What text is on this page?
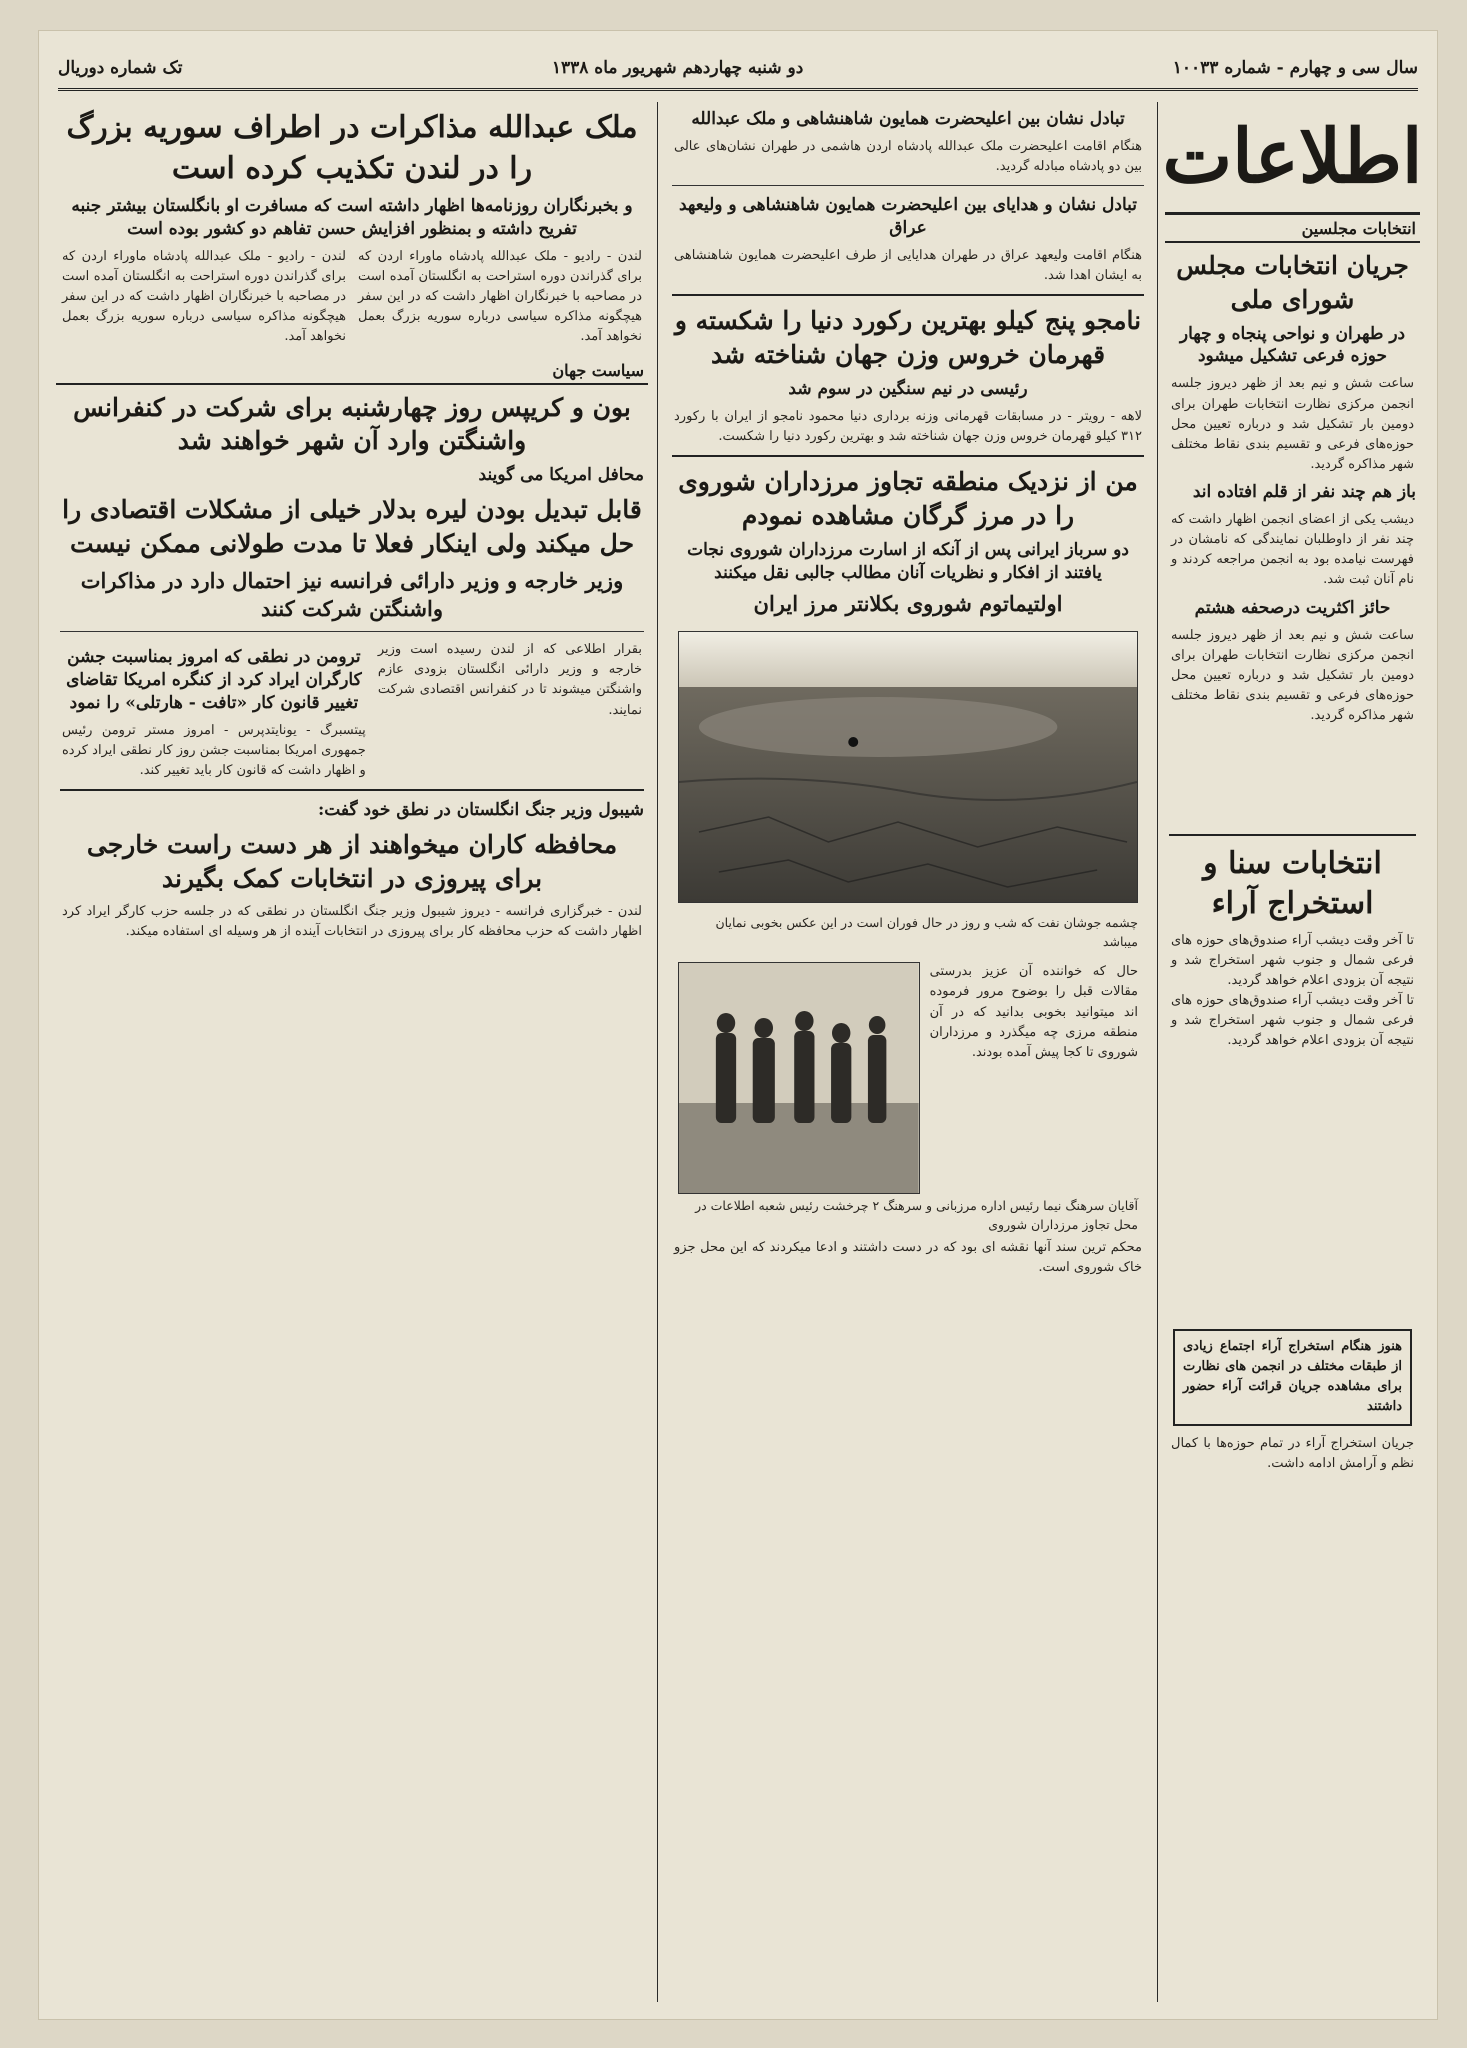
سال سی و چهارم - شماره ۱۰۰۳۳
دو شنبه چهاردهم شهریور ماه ۱۳۳۸
تک شماره دوریال
اطلاعات
انتخابات مجلسین
جریان انتخابات مجلس شورای ملی
در طهران و نواحی پنجاه و چهار حوزه فرعی تشکیل میشود
ساعت شش و نیم بعد از ظهر دیروز جلسه انجمن مرکزی نظارت انتخابات طهران برای دومین بار تشکیل شد و درباره تعیین محل حوزه‌های فرعی و تقسیم بندی نقاط مختلف شهر مذاکره گردید.
باز هم چند نفر از قلم افتاده اند
دیشب یکی از اعضای انجمن اظهار داشت که چند نفر از داوطلبان نمایندگی که نامشان در فهرست نیامده بود به انجمن مراجعه کردند و نام آنان ثبت شد.
حائز اکثریت درصحفه هشتم
ساعت شش و نیم بعد از ظهر دیروز جلسه انجمن مرکزی نظارت انتخابات طهران برای دومین بار تشکیل شد و درباره تعیین محل حوزه‌های فرعی و تقسیم بندی نقاط مختلف شهر مذاکره گردید.
انتخابات سنا و استخراج آراء
تا آخر وقت دیشب آراء صندوق‌های حوزه های فرعی شمال و جنوب شهر استخراج شد و نتیجه آن بزودی اعلام خواهد گردید.
تا آخر وقت دیشب آراء صندوق‌های حوزه های فرعی شمال و جنوب شهر استخراج شد و نتیجه آن بزودی اعلام خواهد گردید.
هنوز هنگام استخراج آراء اجتماع زیادی از طبقات مختلف در انجمن های نظارت برای مشاهده جریان قرائت آراء حضور داشتند
جریان استخراج آراء در تمام حوزه‌ها با کمال نظم و آرامش ادامه داشت.
تبادل نشان بین اعلیحضرت همایون شاهنشاهی و ملک عبدالله
هنگام اقامت اعلیحضرت ملک عبدالله پادشاه اردن هاشمی در طهران نشان‌های عالی بین دو پادشاه مبادله گردید.
تبادل نشان و هدایای بین اعلیحضرت همایون شاهنشاهی و ولیعهد عراق
هنگام اقامت ولیعهد عراق در طهران هدایایی از طرف اعلیحضرت همایون شاهنشاهی به ایشان اهدا شد.
نامجو پنج کیلو بهترین رکورد دنیا را شکسته و قهرمان خروس وزن جهان شناخته شد
رئیسی در نیم سنگین در سوم شد
لاهه - رویتر - در مسابقات قهرمانی وزنه برداری دنیا محمود نامجو از ایران با رکورد ۳۱۲ کیلو قهرمان خروس وزن جهان شناخته شد و بهترین رکورد دنیا را شکست.
من از نزدیک منطقه تجاوز مرزداران شوروی را در مرز گرگان مشاهده نمودم
دو سرباز ایرانی پس از آنکه از اسارت مرزداران شوروی نجات یافتند از افکار و نظریات آنان مطالب جالبی نقل میکنند
اولتیماتوم شوروی بکلانتر مرز ایران
چشمه جوشان نفت که شب و روز در حال فوران است در این عکس بخوبی نمایان میباشد
حال که خواننده آن عزیز بدرستی مقالات قبل را بوضوح مرور فرموده اند میتوانید بخوبی بدانید که در آن منطقه مرزی چه میگذرد و مرزداران شوروی تا کجا پیش آمده بودند.
آقایان سرهنگ نیما رئیس اداره مرزبانی و سرهنگ ۲ چرخشت رئیس شعبه اطلاعات در محل تجاوز مرزداران شوروی
محکم ترین سند آنها نقشه ای بود که در دست داشتند و ادعا میکردند که این محل جزو خاک شوروی است.
ملک عبدالله مذاکرات در اطراف سوریه بزرگ را در لندن تکذیب کرده است
و بخبرنگاران روزنامه‌ها اظهار داشته است که مسافرت او بانگلستان بیشتر جنبه تفریح داشته و بمنظور افزایش حسن تفاهم دو کشور بوده است
لندن - رادیو - ملک عبدالله پادشاه ماوراء اردن که برای گذراندن دوره استراحت به انگلستان آمده است در مصاحبه با خبرنگاران اظهار داشت که در این سفر هیچگونه مذاکره سیاسی درباره سوریه بزرگ بعمل نخواهد آمد.
لندن - رادیو - ملک عبدالله پادشاه ماوراء اردن که برای گذراندن دوره استراحت به انگلستان آمده است در مصاحبه با خبرنگاران اظهار داشت که در این سفر هیچگونه مذاکره سیاسی درباره سوریه بزرگ بعمل نخواهد آمد.
سیاست جهان
بون و کریپس روز چهارشنبه برای شرکت در کنفرانس واشنگتن وارد آن شهر خواهند شد
محافل امریکا می گویند
قابل تبدیل بودن لیره بدلار خیلی از مشکلات اقتصادی را حل میکند ولی اینکار فعلا تا مدت طولانی ممکن نیست
وزیر خارجه و وزیر دارائی فرانسه نیز احتمال دارد در مذاکرات واشنگتن شرکت کنند
بقرار اطلاعی که از لندن رسیده است وزیر خارجه و وزیر دارائی انگلستان بزودی عازم واشنگتن میشوند تا در کنفرانس اقتصادی شرکت نمایند.
ترومن در نطقی که امروز بمناسبت جشن کارگران ایراد کرد از کنگره امریکا تقاضای تغییر قانون کار «تافت - هارتلی» را نمود
پیتسبرگ - یونایتدپرس - امروز مستر ترومن رئیس جمهوری امریکا بمناسبت جشن روز کار نطقی ایراد کرده و اظهار داشت که قانون کار باید تغییر کند.
شیبول وزیر جنگ انگلستان در نطق خود گفت:
محافظه کاران میخواهند از هر دست راست خارجی برای پیروزی در انتخابات کمک بگیرند
لندن - خبرگزاری فرانسه - دیروز شیبول وزیر جنگ انگلستان در نطقی که در جلسه حزب کارگر ایراد کرد اظهار داشت که حزب محافظه کار برای پیروزی در انتخابات آینده از هر وسیله ای استفاده میکند.
